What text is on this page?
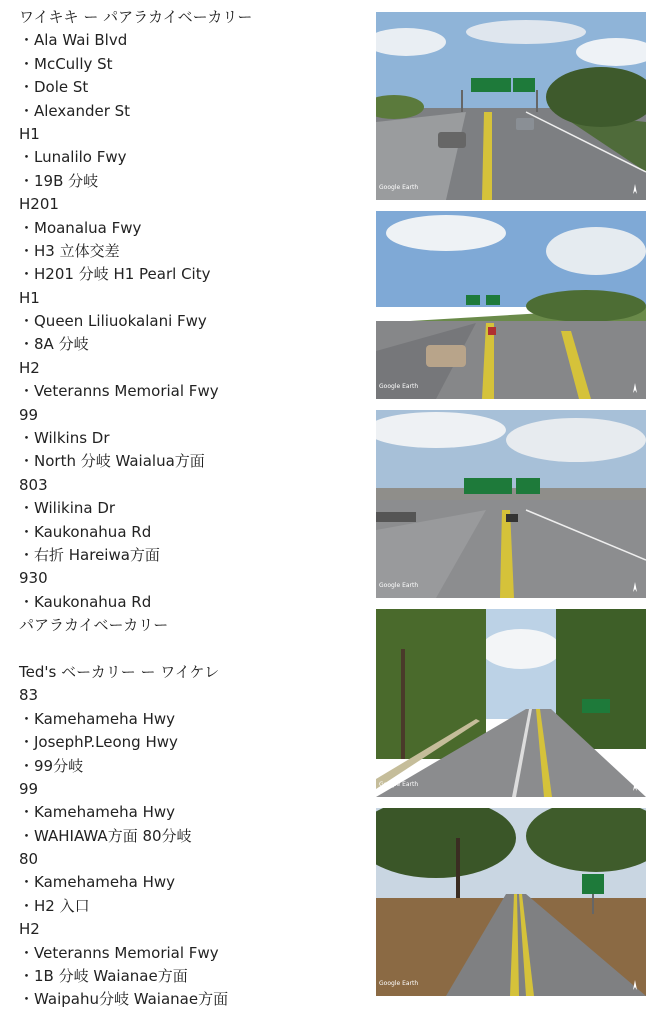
ワイキキ ー パアラカイベーカリー
・Ala Wai Blvd
・McCully St
・Dole St
・Alexander St
H1
・Lunalilo Fwy
・19B 分岐
H201
・Moanalua Fwy
・H3 立体交差
・H201 分岐 H1 Pearl City
H1
・Queen Liliuokalani Fwy
・8A 分岐
H2
・Veteranns Memorial Fwy
99
・Wilkins Dr
・North 分岐 Waialua方面
803
・Wilikina Dr
・Kaukonahua Rd
・右折 Hareiwa方面
930
・Kaukonahua Rd
パアラカイベーカリー
Ted's ベーカリー ー ワイケレ
83
・Kamehameha Hwy
・JosephP.Leong Hwy
・99分岐
99
・Kamehameha Hwy
・WAHIAWA方面 80分岐
80
・Kamehameha Hwy
・H2 入口
H2
・Veteranns Memorial Fwy
・1B 分岐 Waianae方面
・Waipahu分岐 Waianae方面
Google Earth
Google Earth
Google Earth
Google Earth
Google Earth
